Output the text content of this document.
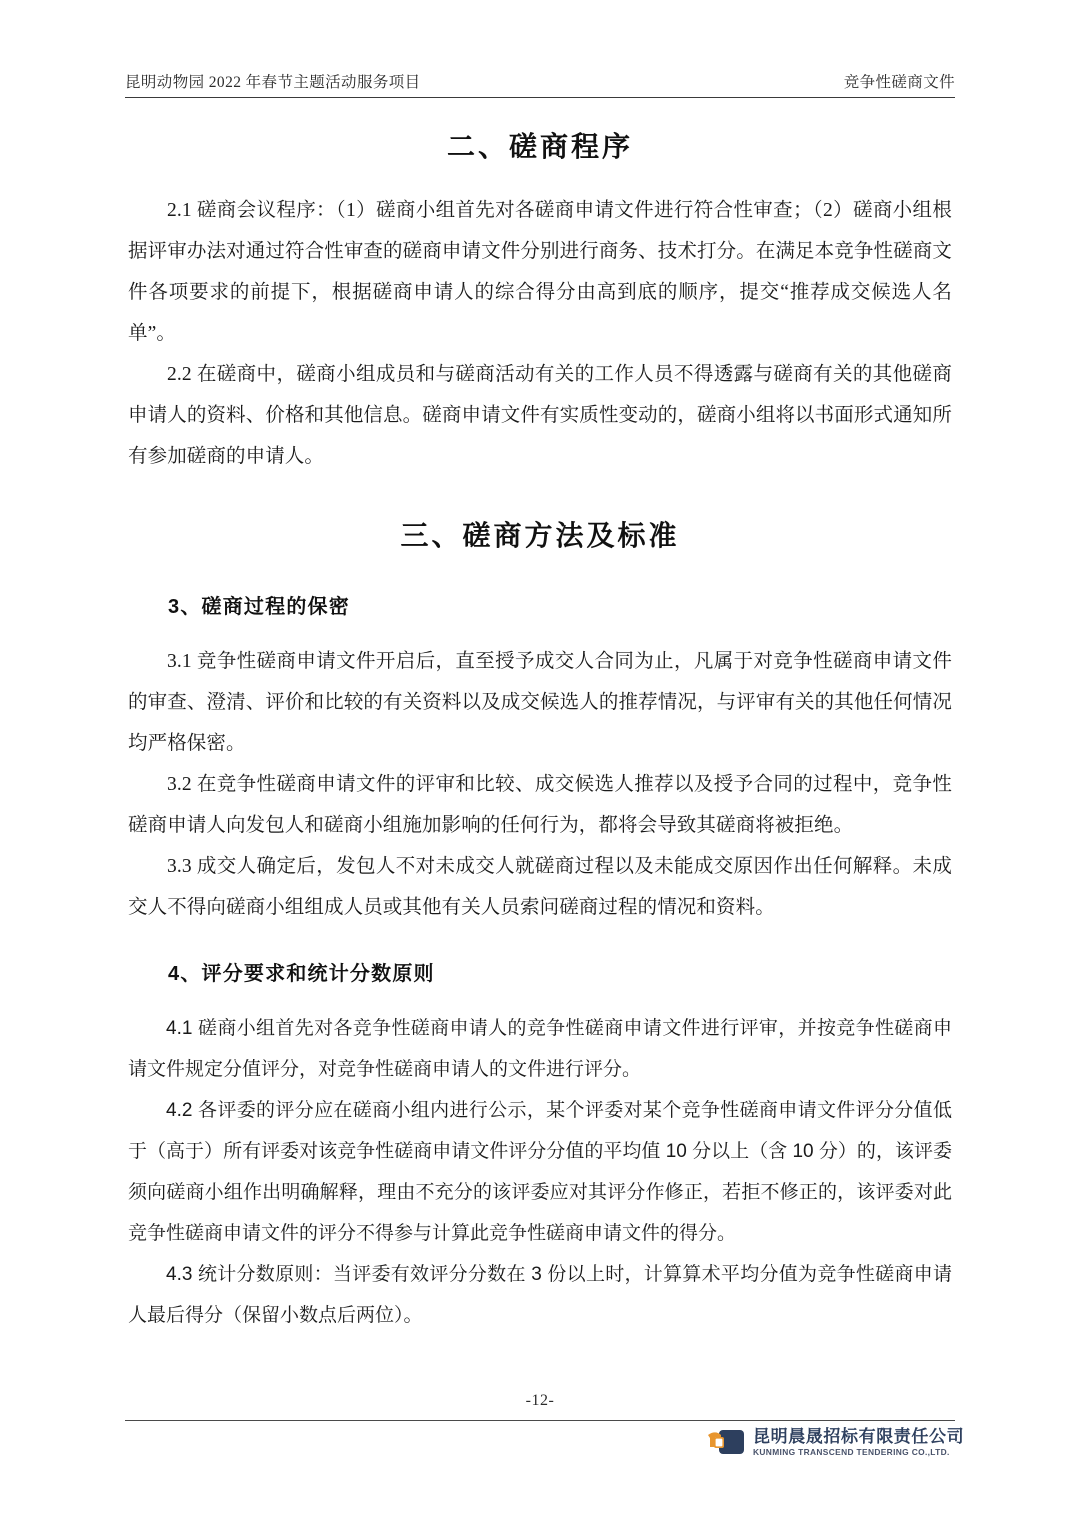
昆明动物园 2022 年春节主题活动服务项目	竞争性磋商文件
二、磋商程序

2.1 磋商会议程序：（1）磋商小组首先对各磋商申请文件进行符合性审查；（2）磋商小组根据评审办法对通过符合性审查的磋商申请文件分别进行商务、技术打分。在满足本竞争性磋商文件各项要求的前提下，根据磋商申请人的综合得分由高到底的顺序，提交“推荐成交候选人名单”。

2.2 在磋商中，磋商小组成员和与磋商活动有关的工作人员不得透露与磋商有关的其他磋商申请人的资料、价格和其他信息。磋商申请文件有实质性变动的，磋商小组将以书面形式通知所有参加磋商的申请人。

三、磋商方法及标准
3、磋商过程的保密

3.1 竞争性磋商申请文件开启后，直至授予成交人合同为止，凡属于对竞争性磋商申请文件的审查、澄清、评价和比较的有关资料以及成交候选人的推荐情况，与评审有关的其他任何情况均严格保密。

3.2 在竞争性磋商申请文件的评审和比较、成交候选人推荐以及授予合同的过程中，竞争性磋商申请人向发包人和磋商小组施加影响的任何行为，都将会导致其磋商将被拒绝。

3.3 成交人确定后，发包人不对未成交人就磋商过程以及未能成交原因作出任何解释。未成交人不得向磋商小组组成人员或其他有关人员索问磋商过程的情况和资料。

4、评分要求和统计分数原则

4.1 磋商小组首先对各竞争性磋商申请人的竞争性磋商申请文件进行评审，并按竞争性磋商申请文件规定分值评分，对竞争性磋商申请人的文件进行评分。

4.2 各评委的评分应在磋商小组内进行公示，某个评委对某个竞争性磋商申请文件评分分值低于（高于）所有评委对该竞争性磋商申请文件评分分值的平均值 10 分以上（含 10 分）的，该评委须向磋商小组作出明确解释，理由不充分的该评委应对其评分作修正，若拒不修正的，该评委对此竞争性磋商申请文件的评分不得参与计算此竞争性磋商申请文件的得分。

4.3 统计分数原则：当评委有效评分分数在 3 份以上时，计算算术平均分值为竞争性磋商申请人最后得分（保留小数点后两位）。

-12-
昆明晨晟招标有限责任公司
KUNMING TRANSCEND TENDERING CO.,LTD.
